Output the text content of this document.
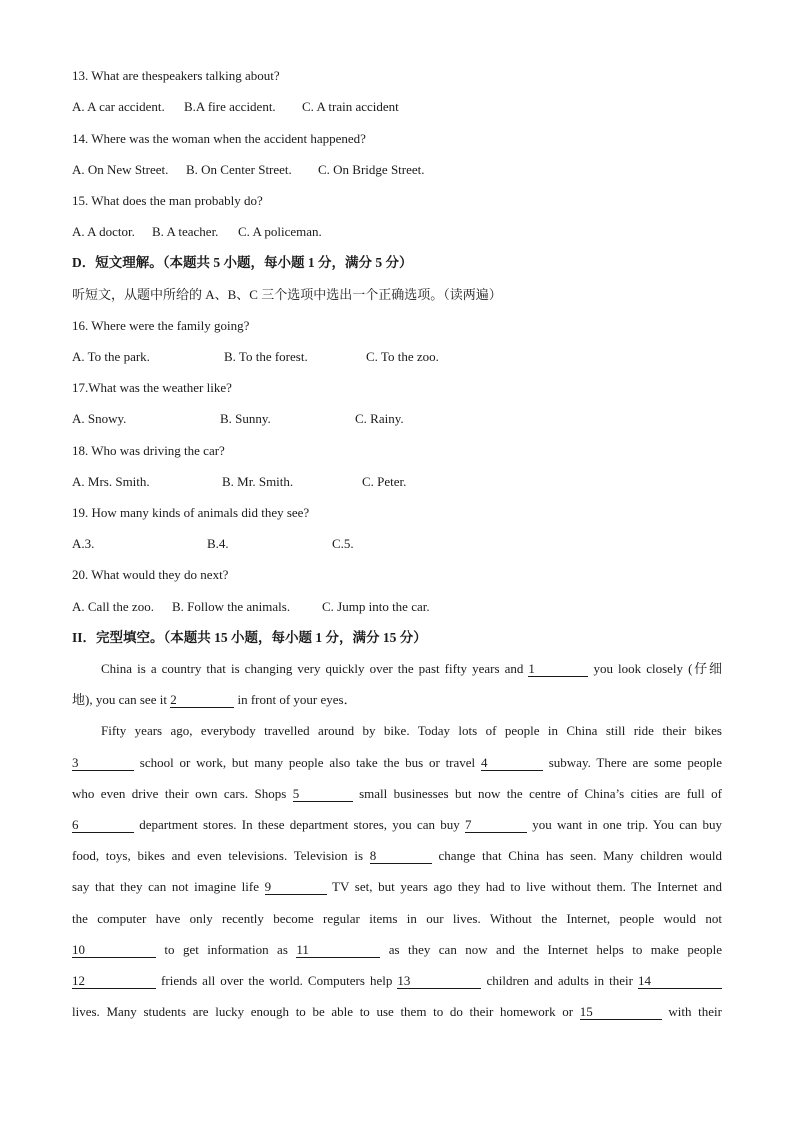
13. What are thespeakers talking about?
A. A car accident. B.A fire accident. C. A train accident
14. Where was the woman when the accident happened?
A. On New Street. B. On Center Street. C. On Bridge Street.
15. What does the man probably do?
A. A doctor. B. A teacher. C. A policeman.
D．短文理解。（本题共 5 小题，每小题 1 分，满分 5 分）
听短文，从题中所给的 A、B、C 三个选项中选出一个正确选项。（读两遍）
16. Where were the family going?
A. To the park.	B. To the forest.	C. To the zoo.
17.What was the weather like?
A. Snowy.	B. Sunny.	C. Rainy.
18. Who was driving the car?
A. Mrs. Smith.	B. Mr. Smith.	C. Peter.
19. How many kinds of animals did they see?
A.3.	B.4.	C.5.
20. What would they do next?
A. Call the zoo. B. Follow the animals. C. Jump into the car.
II．完型填空。（本题共 15 小题，每小题 1 分，满分 15 分）
China is a country that is changing very quickly over the past fifty years and 1	you look closely (仔细
地), you can see it 2	in front of your eyes．
Fifty years ago, everybody travelled around by bike. Today lots of people in China still ride their bikes
3	school or work, but many people also take the bus or travel 4	subway. There are some people
who even drive their own cars. Shops 5	small businesses but now the centre of China’s cities are full of
6	department stores. In these department stores, you can buy 7	you want in one trip. You can buy
food, toys, bikes and even televisions. Television is 8	change that China has seen. Many children would
say that they can not imagine life 9	TV set, but years ago they had to live without them. The Internet and
the computer have only recently become regular items in our lives. Without the Internet, people would not
10	to get information as 11	as they can now and the Internet helps to make people
12	friends all over the world. Computers help 13	children and adults in their 14
lives. Many students are lucky enough to be able to use them to do their homework or 15	with their
